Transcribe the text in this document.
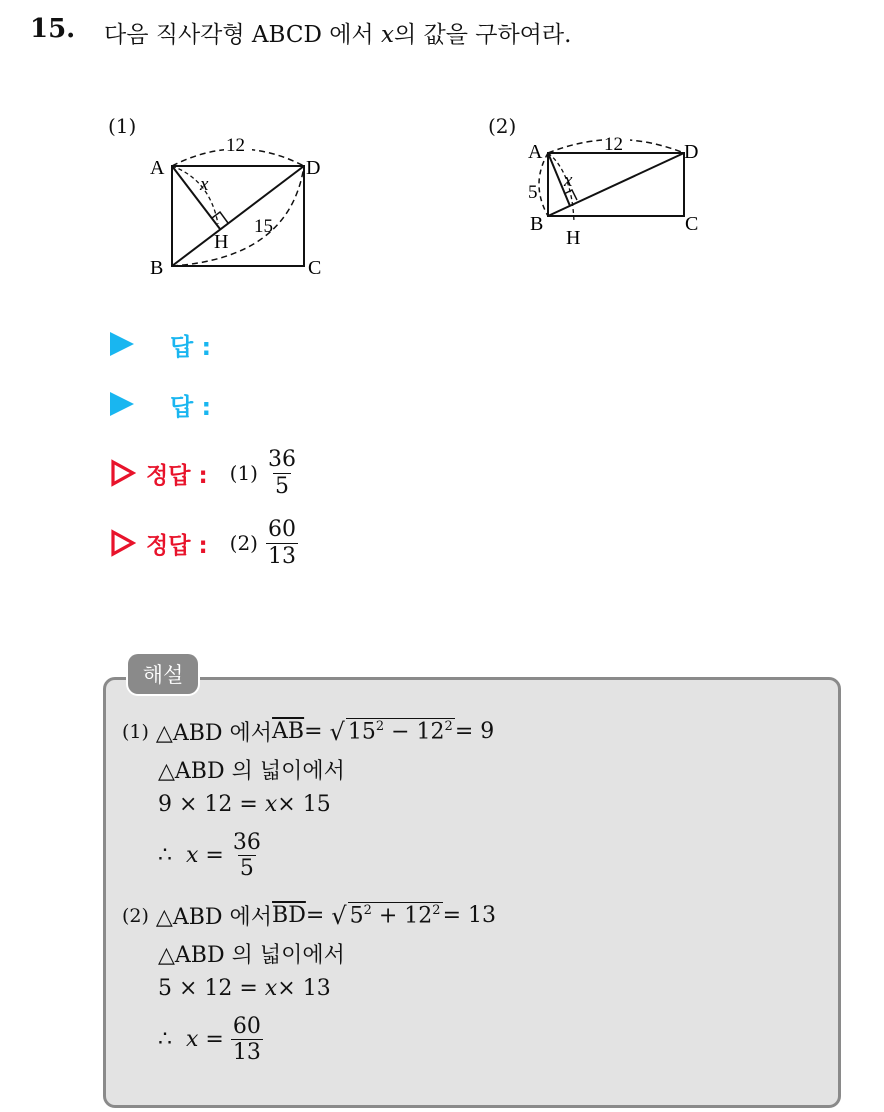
15. 다음 직사각형 ABCD 에서 x의 값을 구하여라.
(1)
12
15
x
A	D
B	C
H
(2)
12
5
x
A	D
B	C
H
답 :
답 :
정답 : $(1) \frac{36}{5}$
정답 : $(2) \frac{60}{13}$
해설
(1)
△ABD 에서 $\overline{AB}$ =
√ $15^2 - 12^2 = 9$
△ABD 의 넓이에서
9 × 12 =
x × 15
∴
$x = \frac{36}{5}$
(2)
△ABD 에서 $\overline{BD}$ =
√ $5^2 + 12^2 = 13$
△ABD 의 넓이에서
5 × 12 =
x × 13
∴
$x = \frac{60}{13}$
